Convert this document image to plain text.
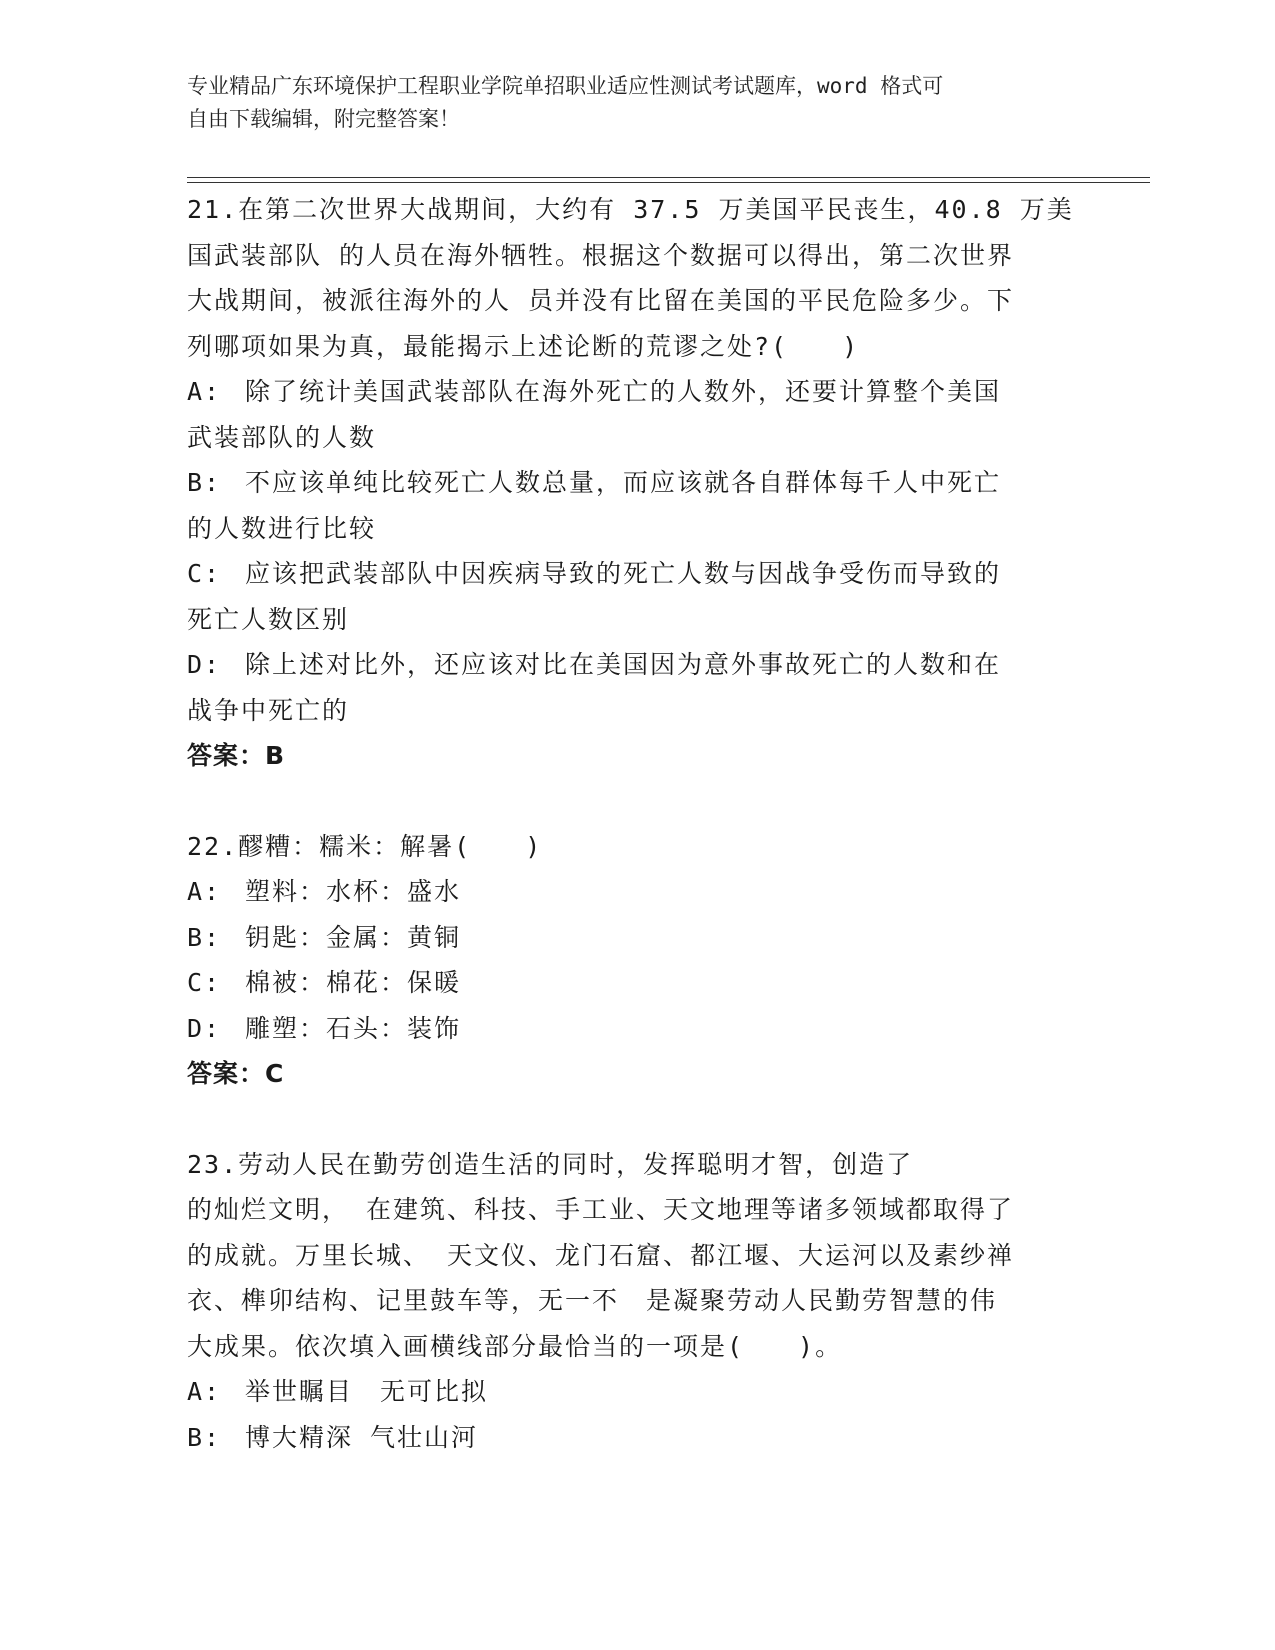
专业精品广东环境保护工程职业学院单招职业适应性测试考试题库，word 格式可
自由下载编辑，附完整答案！
21.在第二次世界大战期间，大约有 37.5 万美国平民丧生，40.8 万美
国武装部队 的人员在海外牺牲。根据这个数据可以得出，第二次世界
大战期间，被派往海外的人 员并没有比留在美国的平民危险多少。下
列哪项如果为真，最能揭示上述论断的荒谬之处?(　　)
A: 除了统计美国武装部队在海外死亡的人数外，还要计算整个美国
武装部队的人数
B: 不应该单纯比较死亡人数总量，而应该就各自群体每千人中死亡
的人数进行比较
C: 应该把武装部队中因疾病导致的死亡人数与因战争受伤而导致的
死亡人数区别
D: 除上述对比外，还应该对比在美国因为意外事故死亡的人数和在
战争中死亡的
答案：B
22.醪糟：糯米：解暑(　　)
A: 塑料：水杯：盛水
B: 钥匙：金属：黄铜
C: 棉被：棉花：保暖
D: 雕塑：石头：装饰
答案：C
23.劳动人民在勤劳创造生活的同时，发挥聪明才智，创造了
的灿烂文明， 在建筑、科技、手工业、天文地理等诸多领域都取得了
的成就。万里长城、 天文仪、龙门石窟、都江堰、大运河以及素纱禅
衣、榫卯结构、记里鼓车等，无一不　是凝聚劳动人民勤劳智慧的伟
大成果。依次填入画横线部分最恰当的一项是(　　)。
A: 举世瞩目　无可比拟
B: 博大精深 气壮山河
